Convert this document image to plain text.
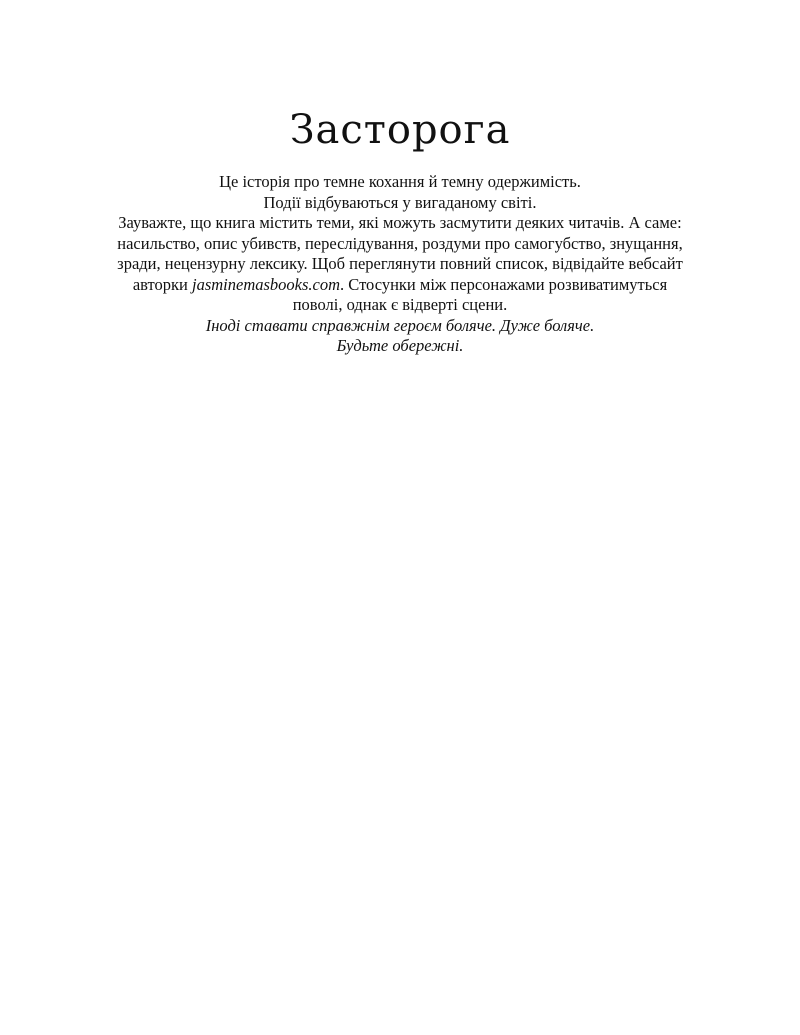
Засторога
Це історія про темне кохання й темну одержимість.
Події відбуваються у вигаданому світі.
Зауважте, що книга містить теми, які можуть засмутити деяких читачів. А саме:
насильство, опис убивств, переслідування, роздуми про самогубство, знущання,
зради, нецензурну лексику. Щоб переглянути повний список, відвідайте вебсайт
авторки jasminemasbooks.com. Стосунки між персонажами розвиватимуться
поволі, однак є відверті сцени.
Іноді ставати справжнім героєм боляче. Дуже боляче.
Будьте обережні.
